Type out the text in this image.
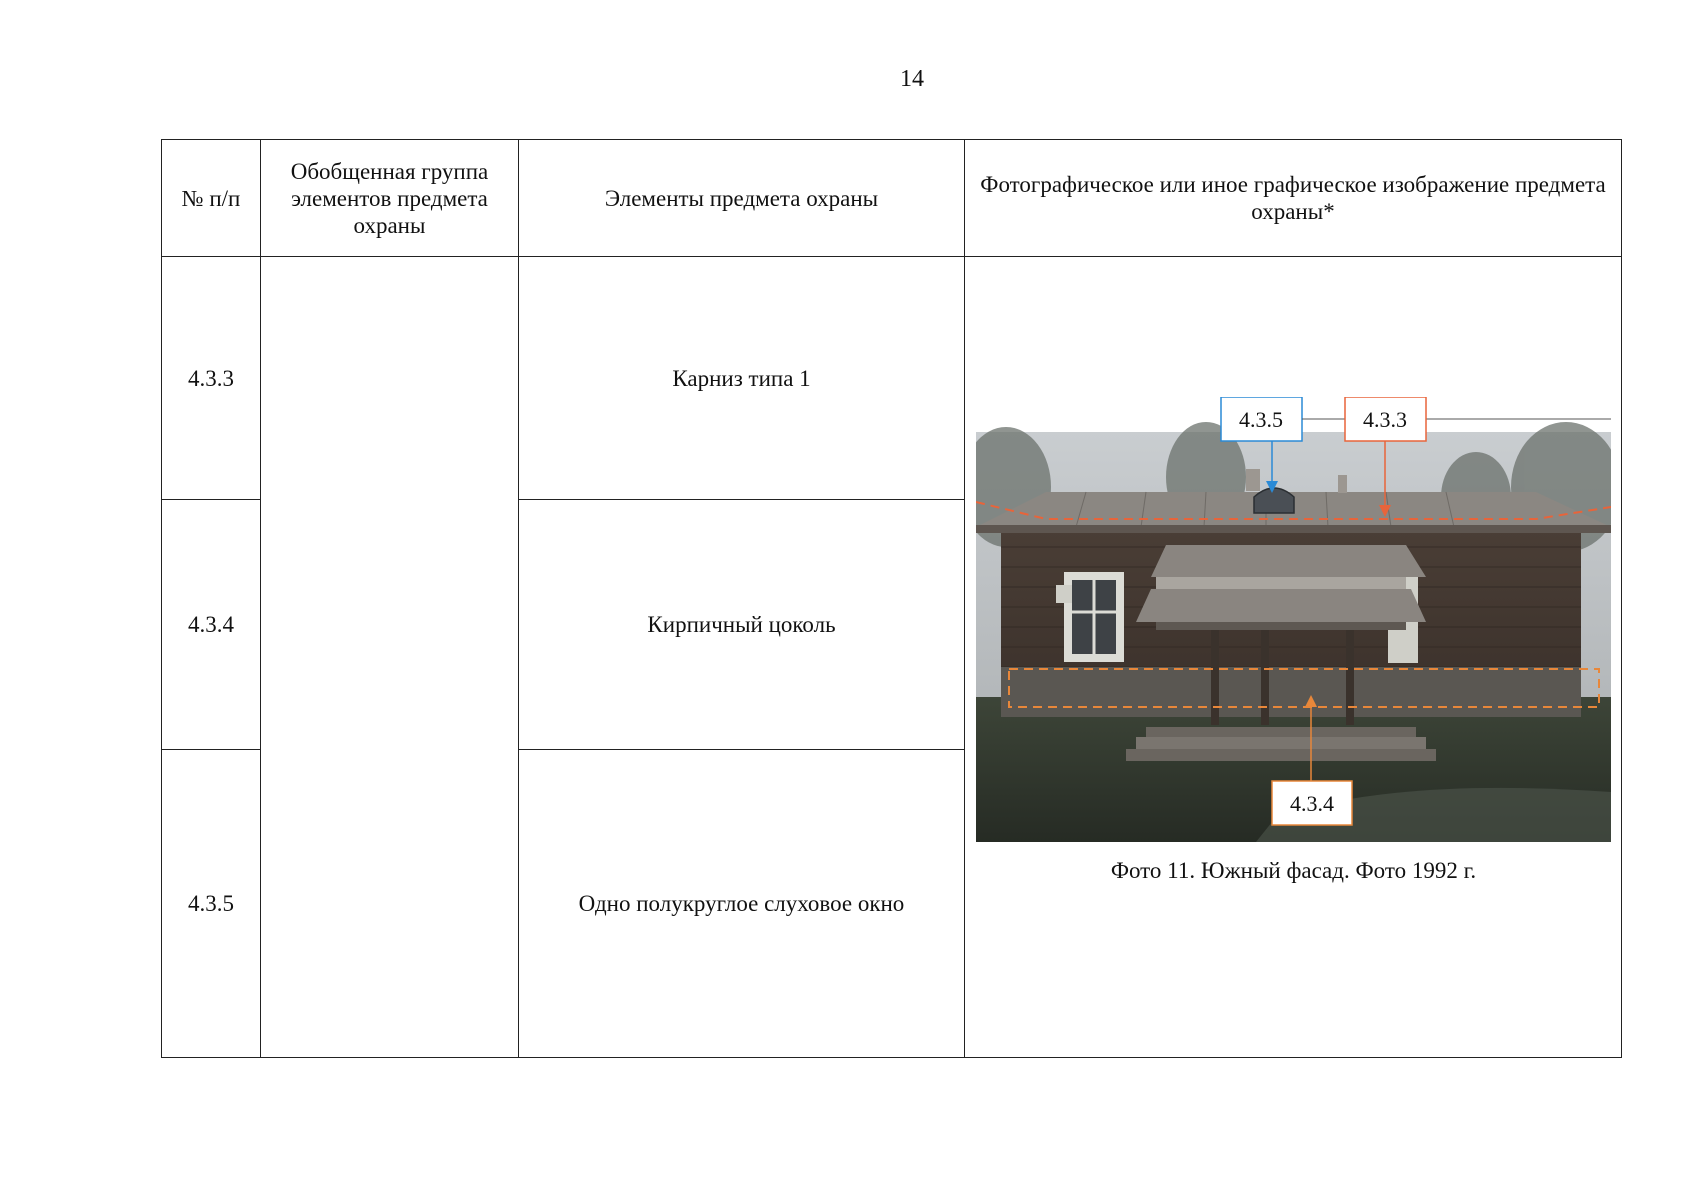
14
№ п/п	Обобщенная группа элементов предмета охраны	Элементы предмета охраны	Фотографическое или иное графическое изображение предмета охраны*
4.3.3		Карниз типа 1	4.3.5 4.3.3
4.3.4
Фото 11. Южный фасад. Фото 1992 г.

4.3.4		Кирпичный цоколь	
4.3.5		Одно полукруглое слуховое окно	
